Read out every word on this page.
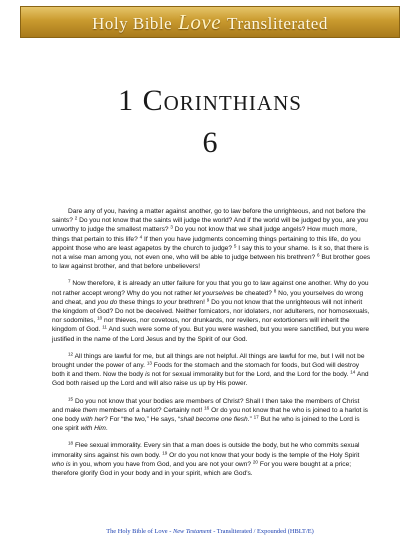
Holy Bible Love Transliterated
1 Corinthians
6

Dare any of you, having a matter against another, go to law before the unrighteous, and not before the saints? $^2$ Do you not know that the saints will judge the world? And if the world will be judged by you, are you unworthy to judge the smallest matters? $^3$ Do you not know that we shall judge angels? How much more, things that pertain to this life? $^4$ If then you have judgments concerning things pertaining to this life, do you appoint those who are least agapetos by the church to judge? $^5$ I say this to your shame. Is it so, that there is not a wise man among you, not even one, who will be able to judge between his brethren? $^6$ But brother goes to law against brother, and that before unbelievers!

$^7$ Now therefore, it is already an utter failure for you that you go to law against one another. Why do you not rather accept wrong? Why do you not rather let yourselves be cheated? $^8$ No, you yourselves do wrong and cheat, and you do these things to your brethren! $^9$ Do you not know that the unrighteous will not inherit the kingdom of God? Do not be deceived. Neither fornicators, nor idolaters, nor adulterers, nor homosexuals, nor sodomites, $^{10}$ nor thieves, nor covetous, nor drunkards, nor revilers, nor extortioners will inherit the kingdom of God. $^{11}$ And such were some of you. But you were washed, but you were sanctified, but you were justified in the name of the Lord Jesus and by the Spirit of our God.

$^{12}$ All things are lawful for me, but all things are not helpful. All things are lawful for me, but I will not be brought under the power of any. $^{13}$ Foods for the stomach and the stomach for foods, but God will destroy both it and them. Now the body is not for sexual immorality but for the Lord, and the Lord for the body. $^{14}$ And God both raised up the Lord and will also raise us up by His power.

$^{15}$ Do you not know that your bodies are members of Christ? Shall I then take the members of Christ and make them members of a harlot? Certainly not! $^{16}$ Or do you not know that he who is joined to a harlot is one body with her? For “the two,” He says, “shall become one flesh.” $^{17}$ But he who is joined to the Lord is one spirit with Him.

$^{18}$ Flee sexual immorality. Every sin that a man does is outside the body, but he who commits sexual immorality sins against his own body. $^{19}$ Or do you not know that your body is the temple of the Holy Spirit who is in you, whom you have from God, and you are not your own? $^{20}$ For you were bought at a price; therefore glorify God in your body and in your spirit, which are God's.

The Holy Bible of Love - New Testament - Transliterated / Expounded (HBLT/E)
